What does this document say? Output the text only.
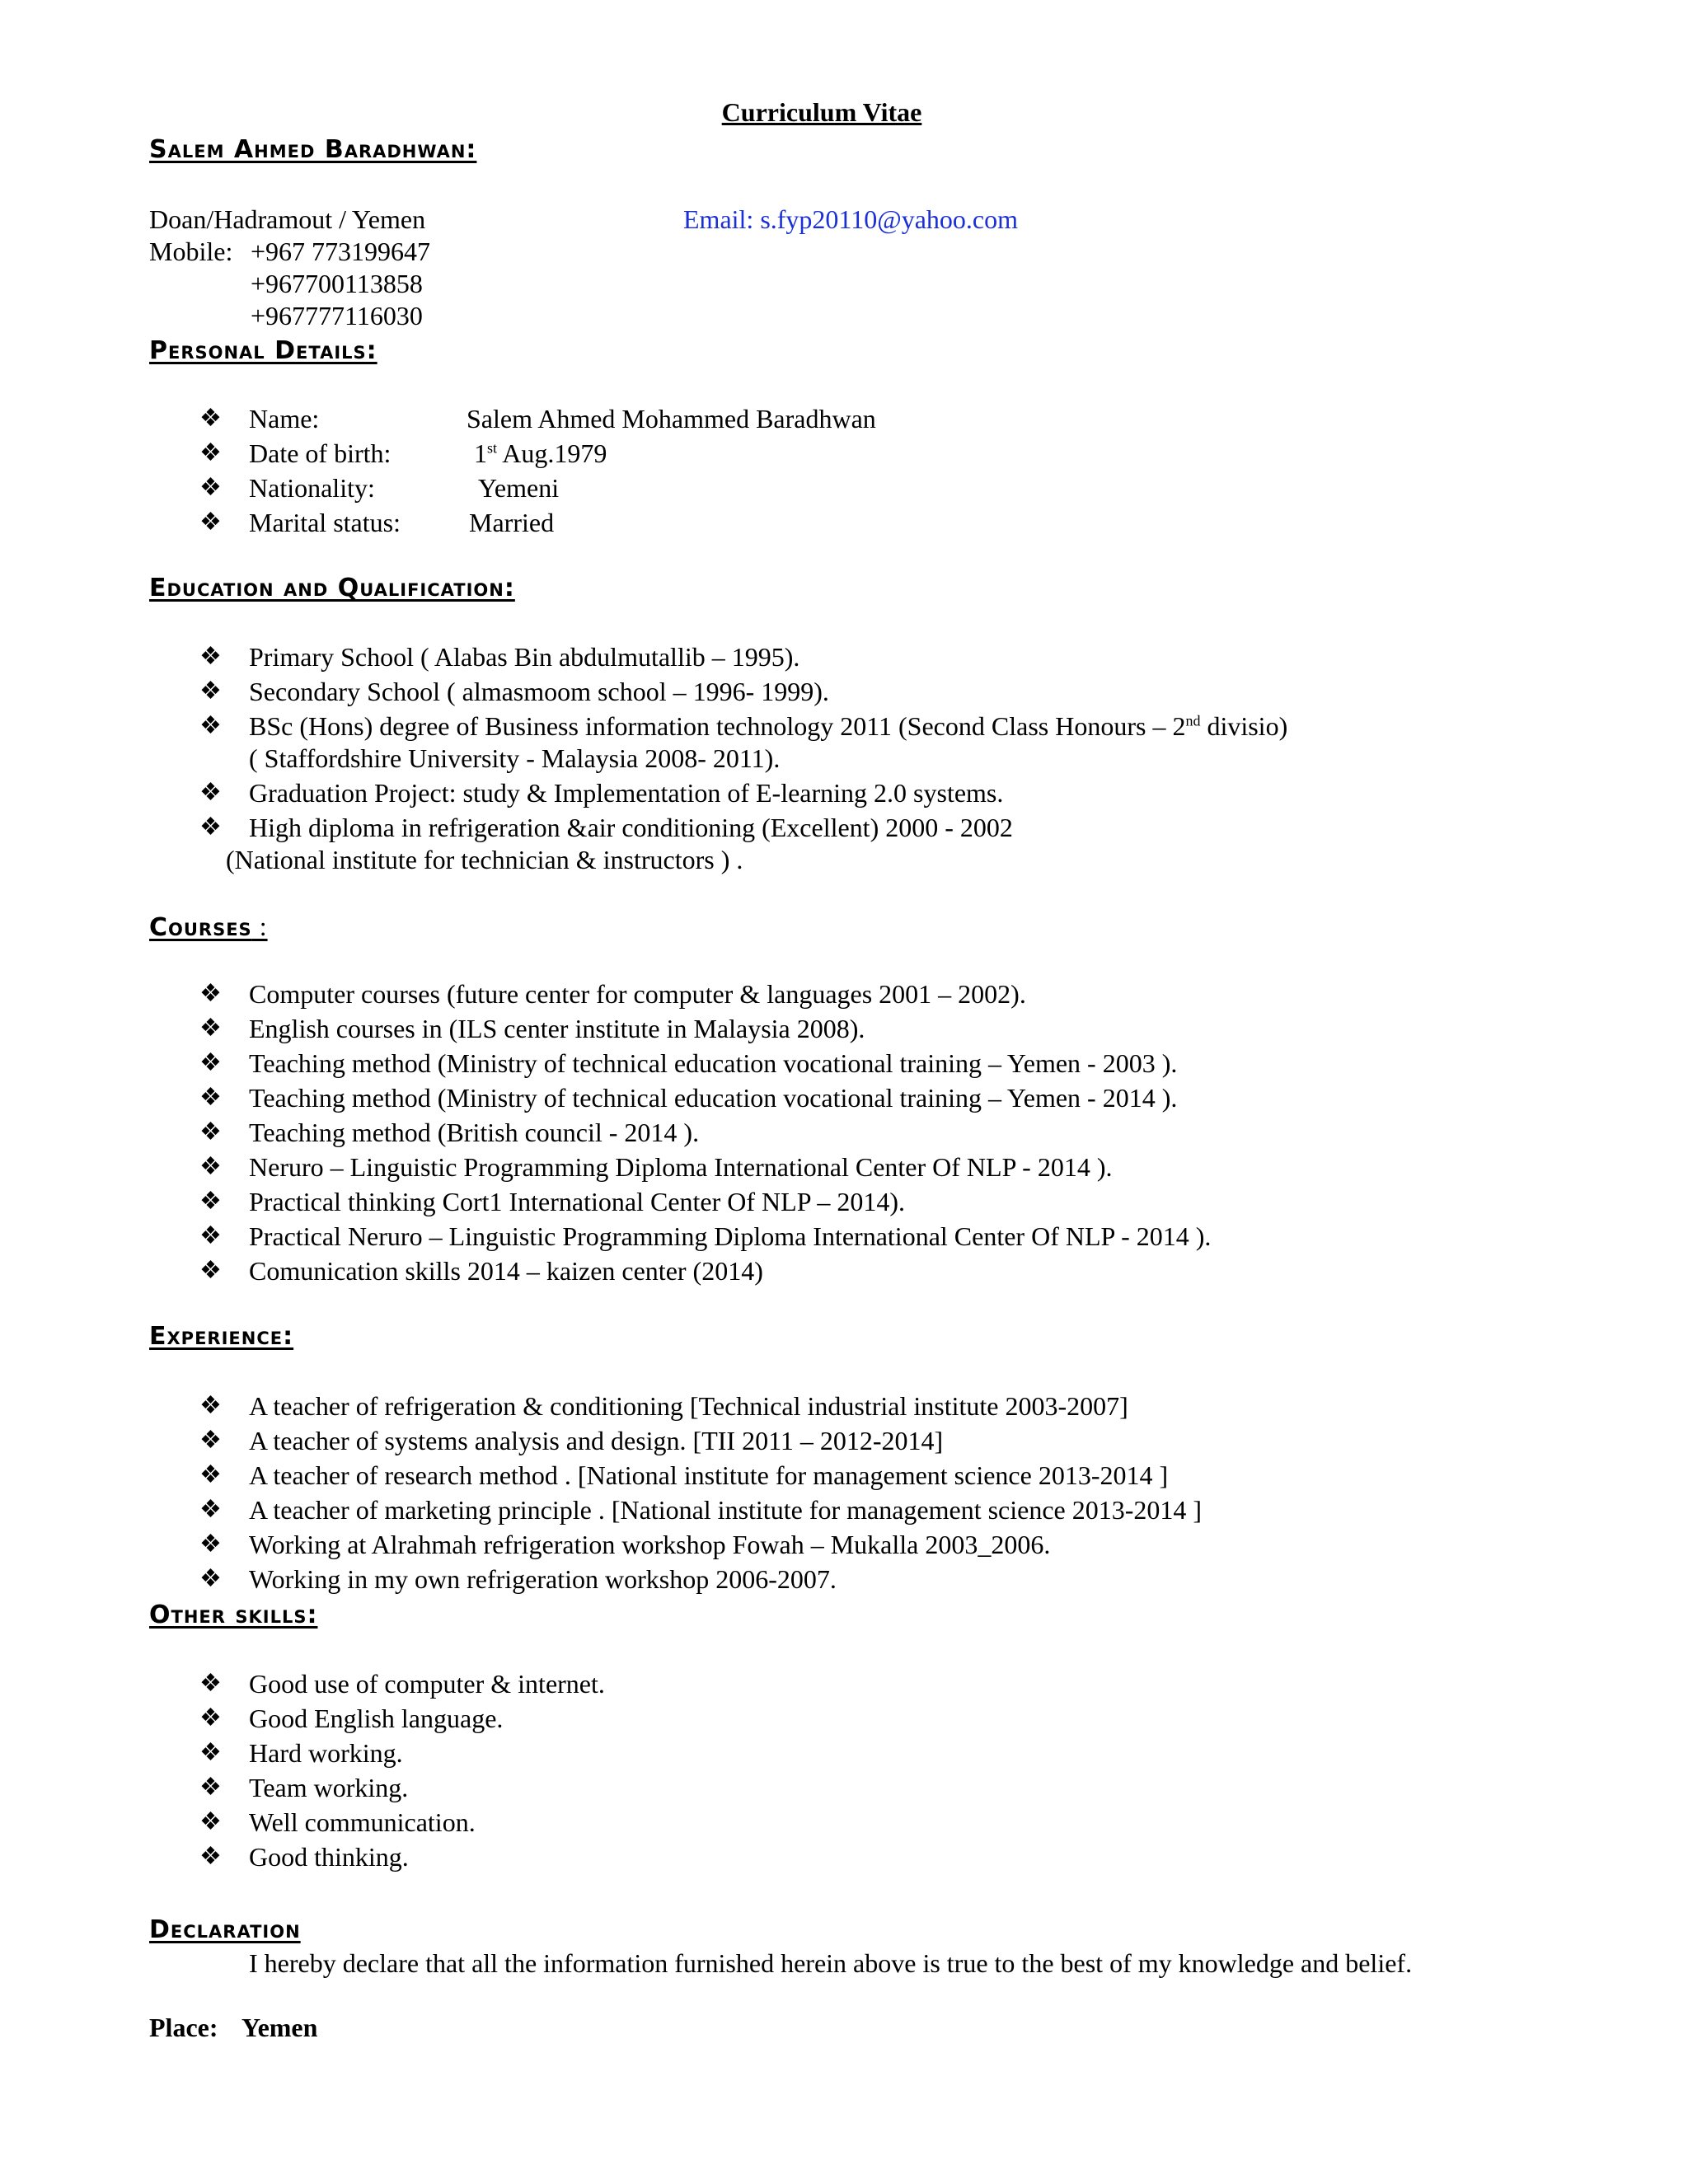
Curriculum Vitae
Salem Ahmed Baradhwan:
Doan/Hadramout / Yemen	Email: s.fyp20110@yahoo.com
Mobile: +967 773199647
+967700113858
+967777116030
Personal Details:
❖ Name:	Salem Ahmed Mohammed Baradhwan
❖ Date of birth:	1st Aug.1979
❖ Nationality:	Yemeni
❖ Marital status:	Married
Education and Qualification:
❖ Primary School ( Alabas Bin abdulmutallib – 1995).
❖ Secondary School ( almasmoom school – 1996- 1999).
❖ BSc (Hons) degree of Business information technology 2011 (Second Class Honours – 2nd divisio)
( Staffordshire University - Malaysia 2008- 2011).
❖ Graduation Project: study & Implementation of E-learning 2.0 systems.
❖ High diploma in refrigeration &air conditioning (Excellent) 2000 - 2002
(National institute for technician & instructors ) .
Courses :
❖ Computer courses (future center for computer & languages 2001 – 2002).
❖ English courses in (ILS center institute in Malaysia 2008).
❖ Teaching method (Ministry of technical education vocational training – Yemen - 2003 ).
❖ Teaching method (Ministry of technical education vocational training – Yemen - 2014 ).
❖ Teaching method (British council - 2014 ).
❖ Neruro – Linguistic Programming Diploma International Center Of NLP - 2014 ).
❖ Practical thinking Cort1 International Center Of NLP – 2014).
❖ Practical Neruro – Linguistic Programming Diploma International Center Of NLP - 2014 ).
❖ Comunication skills 2014 – kaizen center (2014)
Experience:
❖ A teacher of refrigeration & conditioning [Technical industrial institute 2003-2007]
❖ A teacher of systems analysis and design. [TII 2011 – 2012-2014]
❖ A teacher of research method . [National institute for management science 2013-2014 ]
❖ A teacher of marketing principle . [National institute for management science 2013-2014 ]
❖ Working at Alrahmah refrigeration workshop Fowah – Mukalla 2003_2006.
❖ Working in my own refrigeration workshop 2006-2007.
Other skills:
❖ Good use of computer & internet.
❖ Good English language.
❖ Hard working.
❖ Team working.
❖ Well communication.
❖ Good thinking.
Declaration
I hereby declare that all the information furnished herein above is true to the best of my knowledge and belief.
Place: Yemen
